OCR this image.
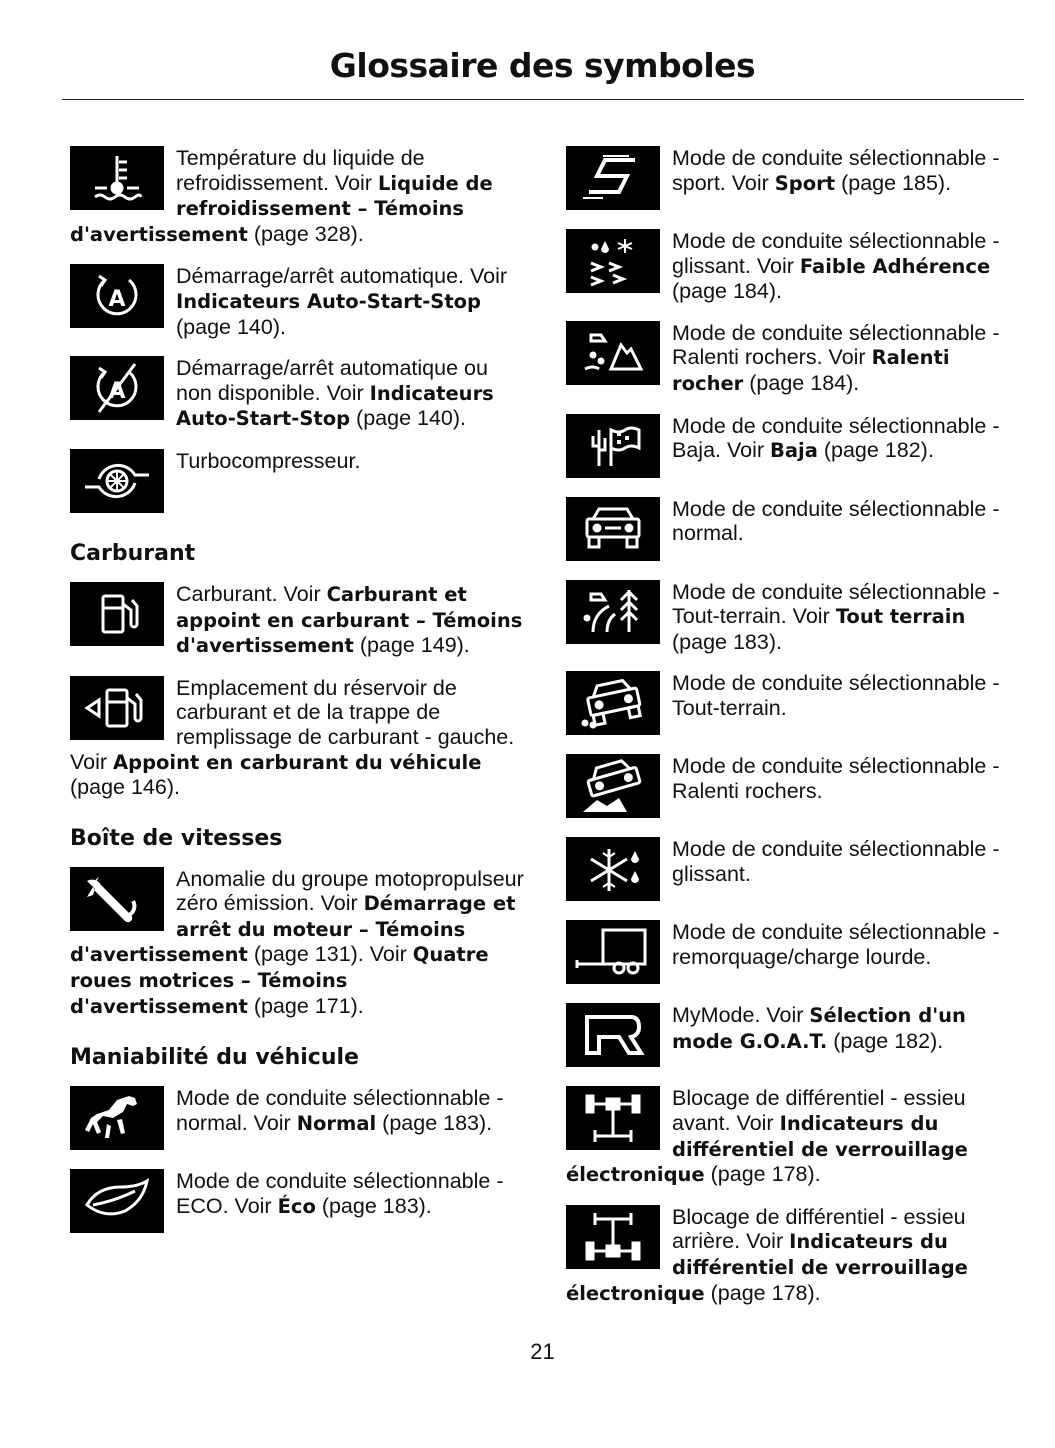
Glossaire des symboles
Température du liquide de refroidissement. Voir Liquide de refroidissement – Témoins d'avertissement (page 328).
A
Démarrage/arrêt automatique. Voir Indicateurs Auto-Start-Stop (page 140).
A
Démarrage/arrêt automatique ou non disponible. Voir Indicateurs Auto-Start-Stop (page 140).
Turbocompresseur.
Carburant
Carburant. Voir Carburant et appoint en carburant – Témoins d'avertissement (page 149).
Emplacement du réservoir de carburant et de la trappe de remplissage de carburant - gauche. Voir Appoint en carburant du véhicule (page 146).
Boîte de vitesses
Anomalie du groupe motopropulseur zéro émission. Voir Démarrage et arrêt du moteur – Témoins d'avertissement (page 131). Voir Quatre roues motrices – Témoins d'avertissement (page 171).
Maniabilité du véhicule
Mode de conduite sélectionnable - normal. Voir Normal (page 183).
Mode de conduite sélectionnable - ECO. Voir Éco (page 183).
Mode de conduite sélectionnable - sport. Voir Sport (page 185).
Mode de conduite sélectionnable - glissant. Voir Faible Adhérence (page 184).
Mode de conduite sélectionnable - Ralenti rochers. Voir Ralenti rocher (page 184).
Mode de conduite sélectionnable - Baja. Voir Baja (page 182).
Mode de conduite sélectionnable - normal.
Mode de conduite sélectionnable - Tout-terrain. Voir Tout terrain (page 183).
Mode de conduite sélectionnable - Tout-terrain.
Mode de conduite sélectionnable - Ralenti rochers.
Mode de conduite sélectionnable - glissant.
Mode de conduite sélectionnable - remorquage/charge lourde.
MyMode. Voir Sélection d'un mode G.O.A.T. (page 182).
Blocage de différentiel - essieu avant. Voir Indicateurs du différentiel de verrouillage électronique (page 178).
Blocage de différentiel - essieu arrière. Voir Indicateurs du différentiel de verrouillage électronique (page 178).
21
